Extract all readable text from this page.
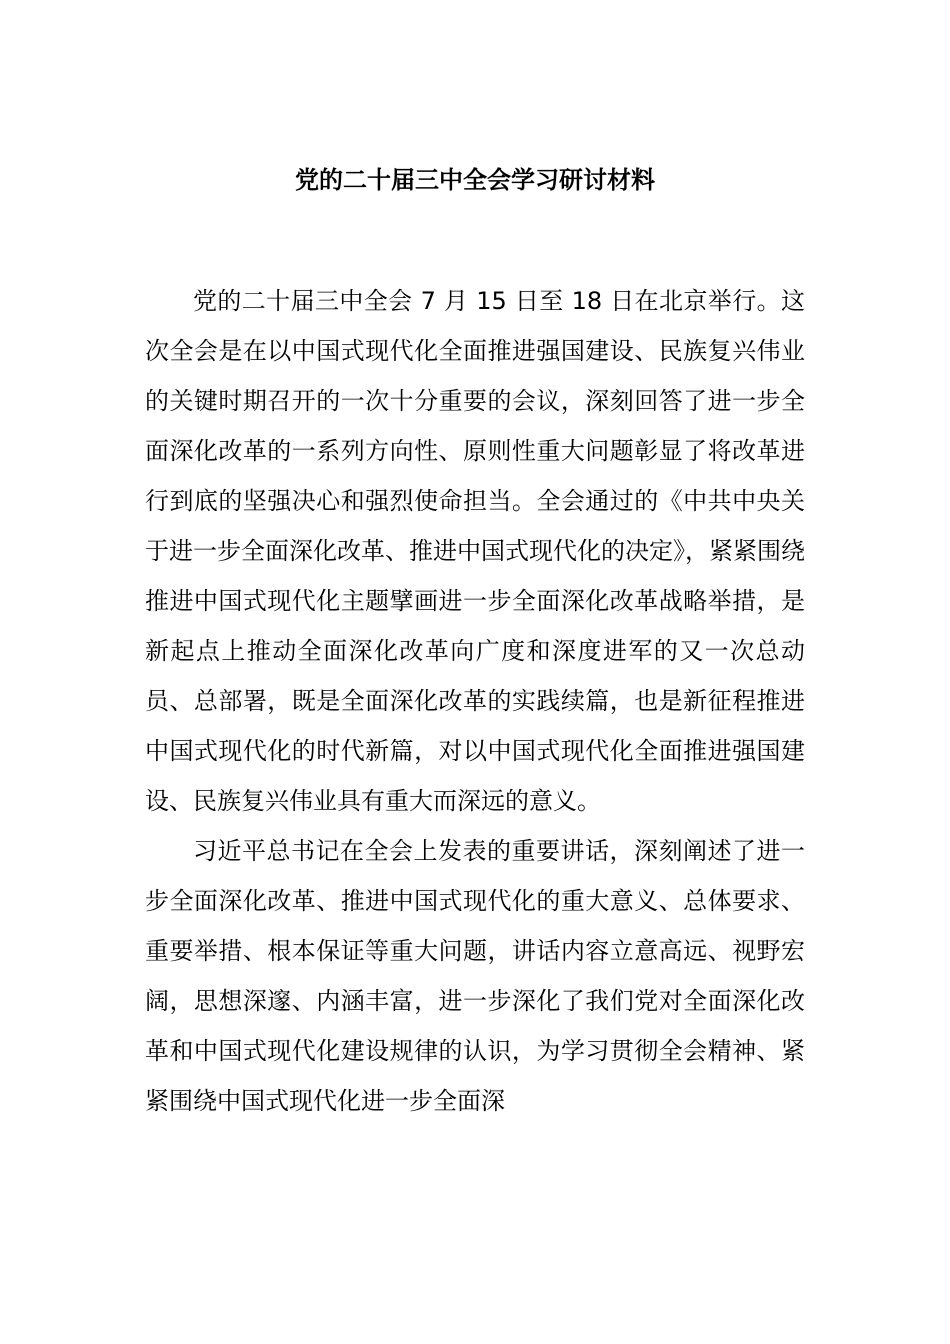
党的二十届三中全会学习研讨材料

党的二十届三中全会 7 月 15 日至 18 日在北京举行。这次全会是在以中国式现代化全面推进强国建设、民族复兴伟业的关键时期召开的一次十分重要的会议，深刻回答了进一步全面深化改革的一系列方向性、原则性重大问题彰显了将改革进行到底的坚强决心和强烈使命担当。全会通过的《中共中央关于进一步全面深化改革、推进中国式现代化的决定》，紧紧围绕推进中国式现代化主题擘画进一步全面深化改革战略举措，是新起点上推动全面深化改革向广度和深度进军的又一次总动员、总部署，既是全面深化改革的实践续篇，也是新征程推进中国式现代化的时代新篇，对以中国式现代化全面推进强国建设、民族复兴伟业具有重大而深远的意义。

习近平总书记在全会上发表的重要讲话，深刻阐述了进一步全面深化改革、推进中国式现代化的重大意义、总体要求、重要举措、根本保证等重大问题，讲话内容立意高远、视野宏阔，思想深邃、内涵丰富，进一步深化了我们党对全面深化改革和中国式现代化建设规律的认识，为学习贯彻全会精神、紧紧围绕中国式现代化进一步全面深
